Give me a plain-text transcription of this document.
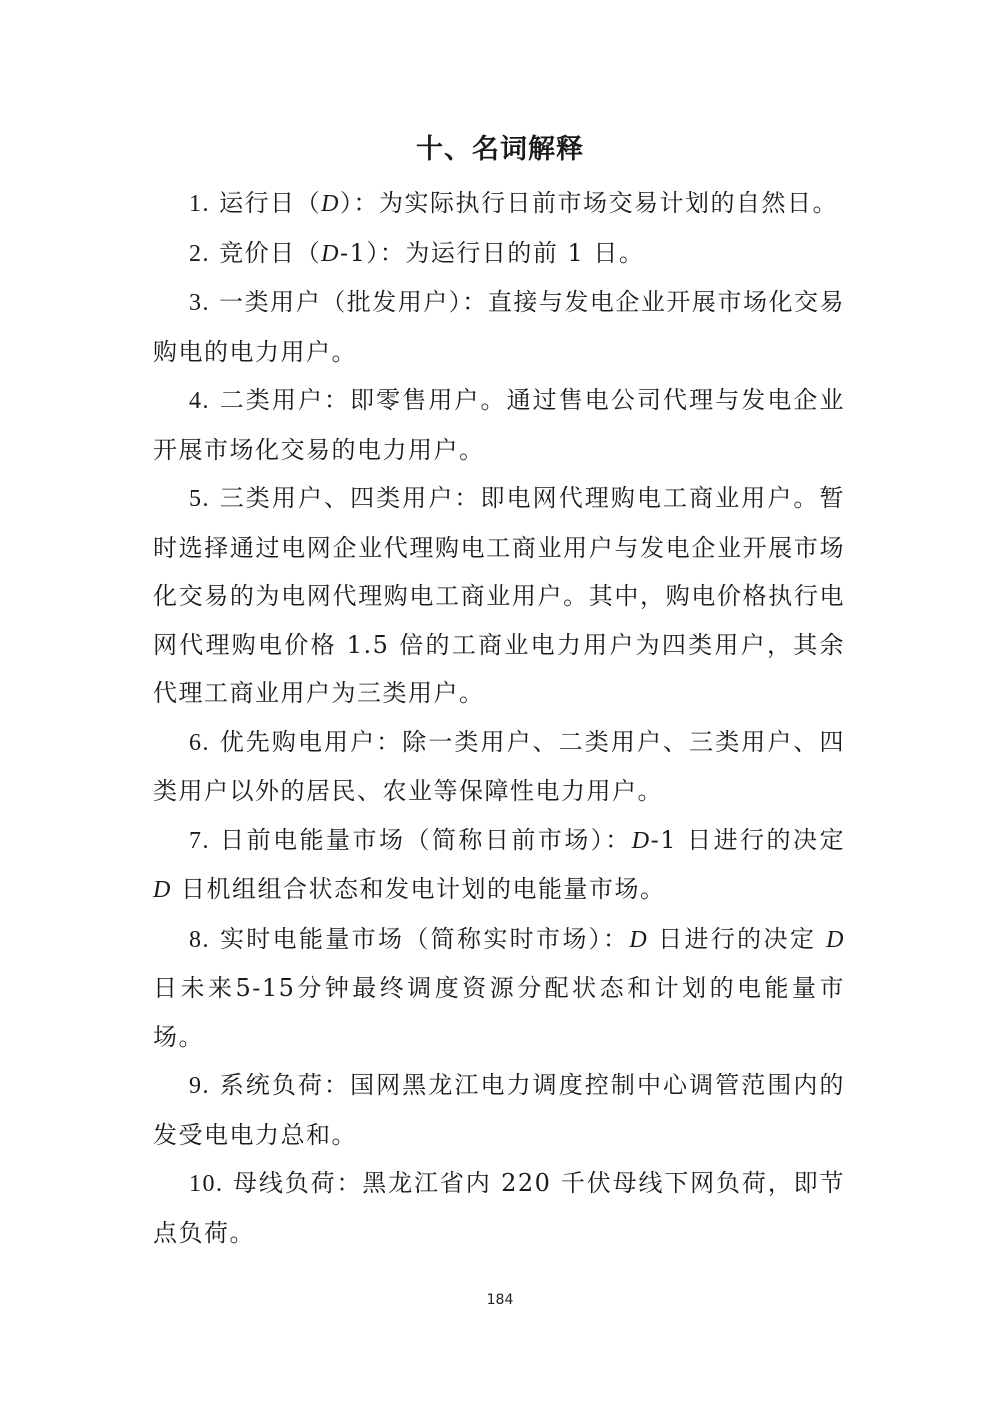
十、名词解释

1. 运行日（D）：为实际执行日前市场交易计划的自然日。

2. 竞价日（D-1）：为运行日的前 1 日。

3. 一类用户（批发用户）：直接与发电企业开展市场化交易购电的电力用户。

4. 二类用户：即零售用户。通过售电公司代理与发电企业开展市场化交易的电力用户。

5. 三类用户、四类用户：即电网代理购电工商业用户。暂时选择通过电网企业代理购电工商业用户与发电企业开展市场化交易的为电网代理购电工商业用户。其中，购电价格执行电网代理购电价格 1.5 倍的工商业电力用户为四类用户，其余代理工商业用户为三类用户。

6. 优先购电用户：除一类用户、二类用户、三类用户、四类用户以外的居民、农业等保障性电力用户。

7. 日前电能量市场（简称日前市场）：D-1 日进行的决定 D 日机组组合状态和发电计划的电能量市场。

8. 实时电能量市场（简称实时市场）：D 日进行的决定 D日未来5-15分钟最终调度资源分配状态和计划的电能量市场。

9. 系统负荷：国网黑龙江电力调度控制中心调管范围内的发受电电力总和。

10. 母线负荷：黑龙江省内 220 千伏母线下网负荷，即节点负荷。

184
